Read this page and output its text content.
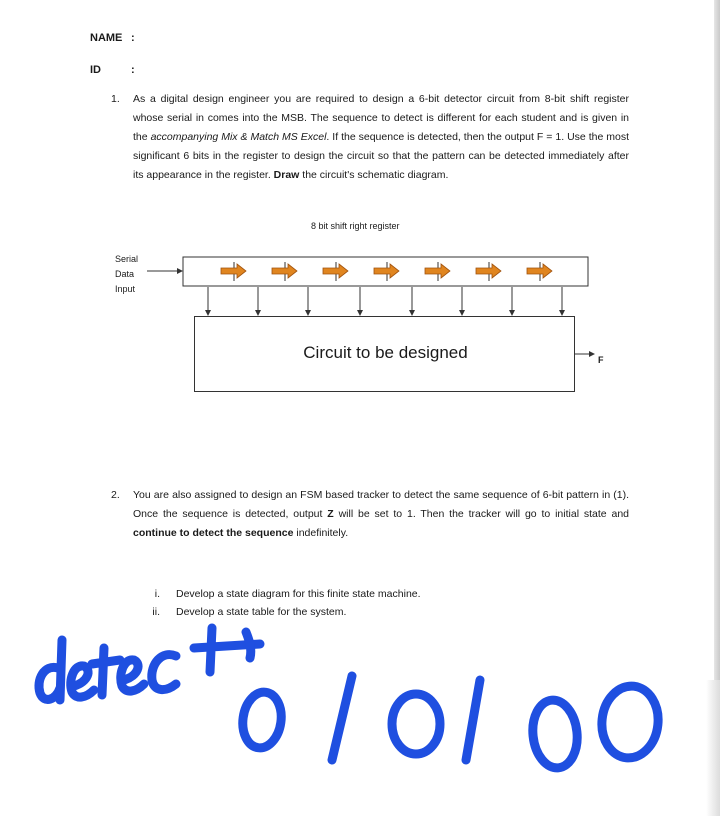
NAME :
ID	:
1. As a digital design engineer you are required to design a 6-bit detector circuit from 8-bit shift register whose serial in comes into the MSB. The sequence to detect is different for each student and is given in the accompanying Mix & Match MS Excel. If the sequence is detected, then the output F = 1. Use the most significant 6 bits in the register to design the circuit so that the pattern can be detected immediately after its appearance in the register. Draw the circuit's schematic diagram.
8 bit shift right register
Serial
Data
Input
Circuit to be designed	F
2. You are also assigned to design an FSM based tracker to detect the same sequence of 6-bit pattern in (1). Once the sequence is detected, output Z will be set to 1. Then the tracker will go to initial state and continue to detect the sequence indefinitely.
i. Develop a state diagram for this finite state machine.
ii. Develop a state table for the system.
